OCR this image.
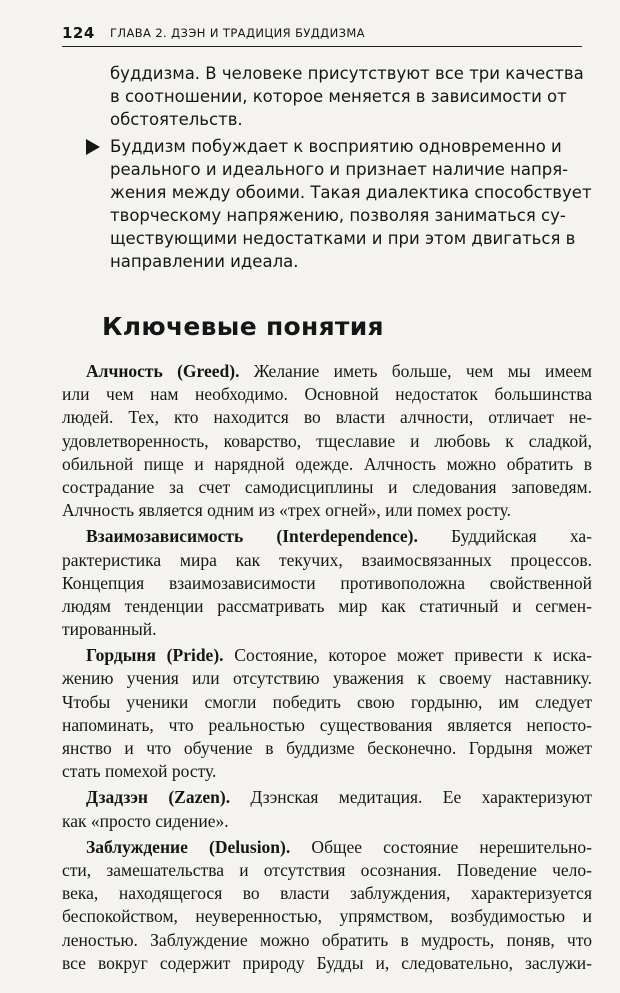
124 ГЛАВА 2. ДЗЭН И ТРАДИЦИЯ БУДДИЗМА
буддизма. В человеке присутствуют все три качества
в соотношении, которое меняется в зависимости от
обстоятельств.
Буддизм побуждает к восприятию одновременно и
реального и идеального и признает наличие напря-
жения между обоими. Такая диалектика способствует
творческому напряжению, позволяя заниматься су-
ществующими недостатками и при этом двигаться в
направлении идеала.
Ключевые понятия
Алчность (Greed). Желание иметь больше, чем мы имеем
или чем нам необходимо. Основной недостаток большинства
людей. Тех, кто находится во власти алчности, отличает не-
удовлетворенность, коварство, тщеславие и любовь к сладкой,
обильной пище и нарядной одежде. Алчность можно обратить в
сострадание за счет самодисциплины и следования заповедям.
Алчность является одним из «трех огней», или помех росту.
Взаимозависимость (Interdependence). Буддийская ха-
рактеристика мира как текучих, взаимосвязанных процессов.
Концепция взаимозависимости противоположна свойственной
людям тенденции рассматривать мир как статичный и сегмен-
тированный.
Гордыня (Pride). Состояние, которое может привести к иска-
жению учения или отсутствию уважения к своему наставнику.
Чтобы ученики смогли победить свою гордыню, им следует
напоминать, что реальностью существования является непосто-
янство и что обучение в буддизме бесконечно. Гордыня может
стать помехой росту.
Дзадзэн (Zazen). Дзэнская медитация. Ее характеризуют
как «просто сидение».
Заблуждение (Delusion). Общее состояние нерешительно-
сти, замешательства и отсутствия осознания. Поведение чело-
века, находящегося во власти заблуждения, характеризуется
беспокойством, неуверенностью, упрямством, возбудимостью и
леностью. Заблуждение можно обратить в мудрость, поняв, что
все вокруг содержит природу Будды и, следовательно, заслужи-
